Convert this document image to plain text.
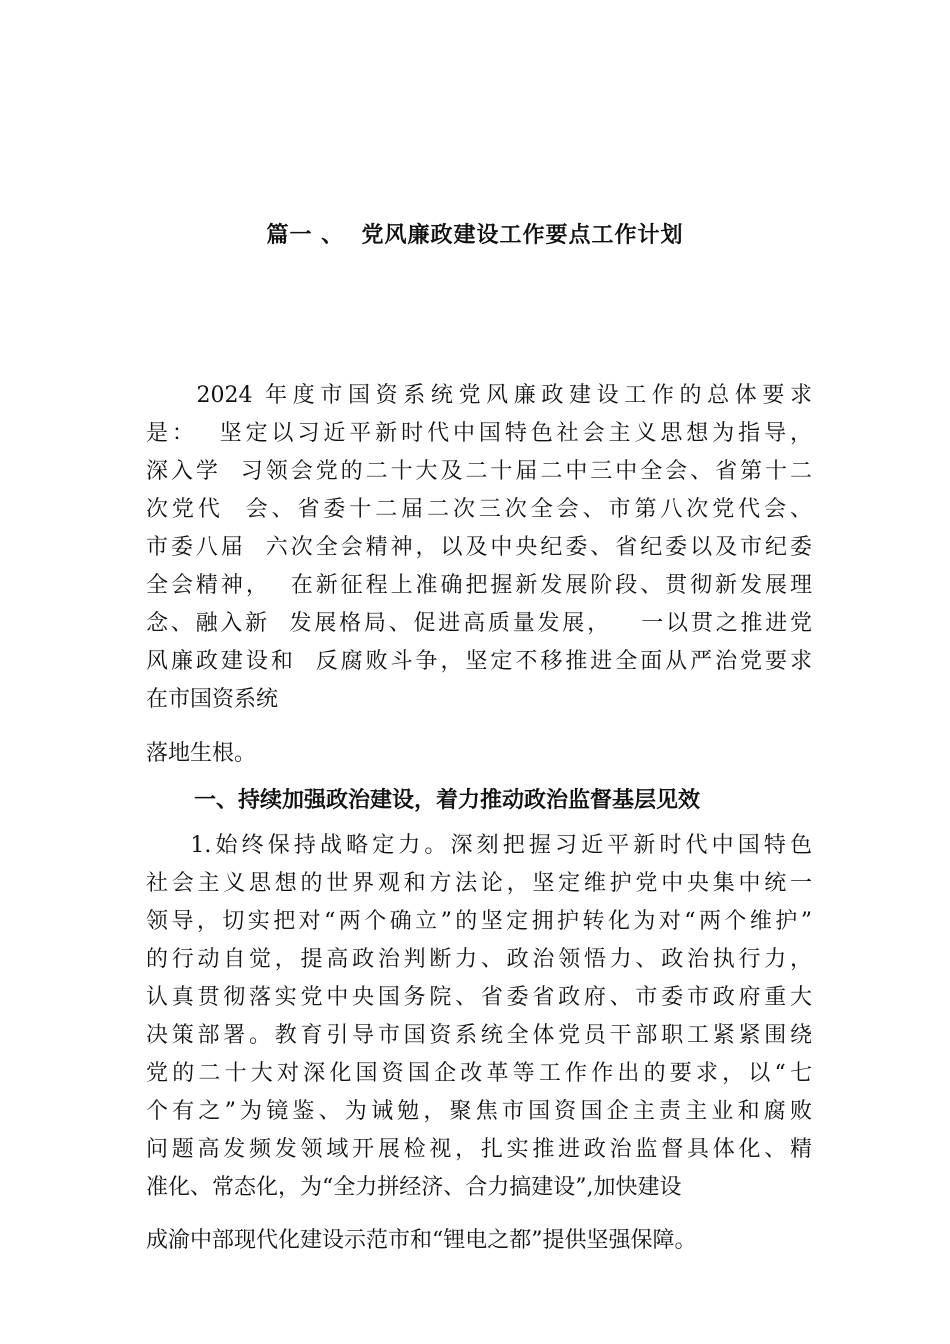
篇一 、  党风廉政建设工作要点工作计划
2024 年度市国资系统党风廉政建设工作的总体要求
是：  坚定以习近平新时代中国特色社会主义思想为指导，
深入学  习领会党的二十大及二十届二中三中全会、省第十二
次党代  会、省委十二届二次三次全会、市第八次党代会、
市委八届  六次全会精神，以及中央纪委、省纪委以及市纪委
全会精神，  在新征程上准确把握新发展阶段、贯彻新发展理
念、融入新  发展格局、促进高质量发展，   一以贯之推进党
风廉政建设和  反腐败斗争，坚定不移推进全面从严治党要求
在市国资系统
落地生根。
一、持续加强政治建设，着力推动政治监督基层见效
1.始终保持战略定力。深刻把握习近平新时代中国特色
社会主义思想的世界观和方法论，坚定维护党中央集中统一
领导，切实把对“两个确立”的坚定拥护转化为对“两个维护”
的行动自觉，提高政治判断力、政治领悟力、政治执行力，
认真贯彻落实党中央国务院、省委省政府、市委市政府重大
决策部署。教育引导市国资系统全体党员干部职工紧紧围绕
党的二十大对深化国资国企改革等工作作出的要求，以“七
个有之”为镜鉴、为诫勉，聚焦市国资国企主责主业和腐败
问题高发频发领域开展检视，扎实推进政治监督具体化、精
准化、常态化，为“全力拼经济、合力搞建设”,加快建设
成渝中部现代化建设示范市和“锂电之都”提供坚强保障。
